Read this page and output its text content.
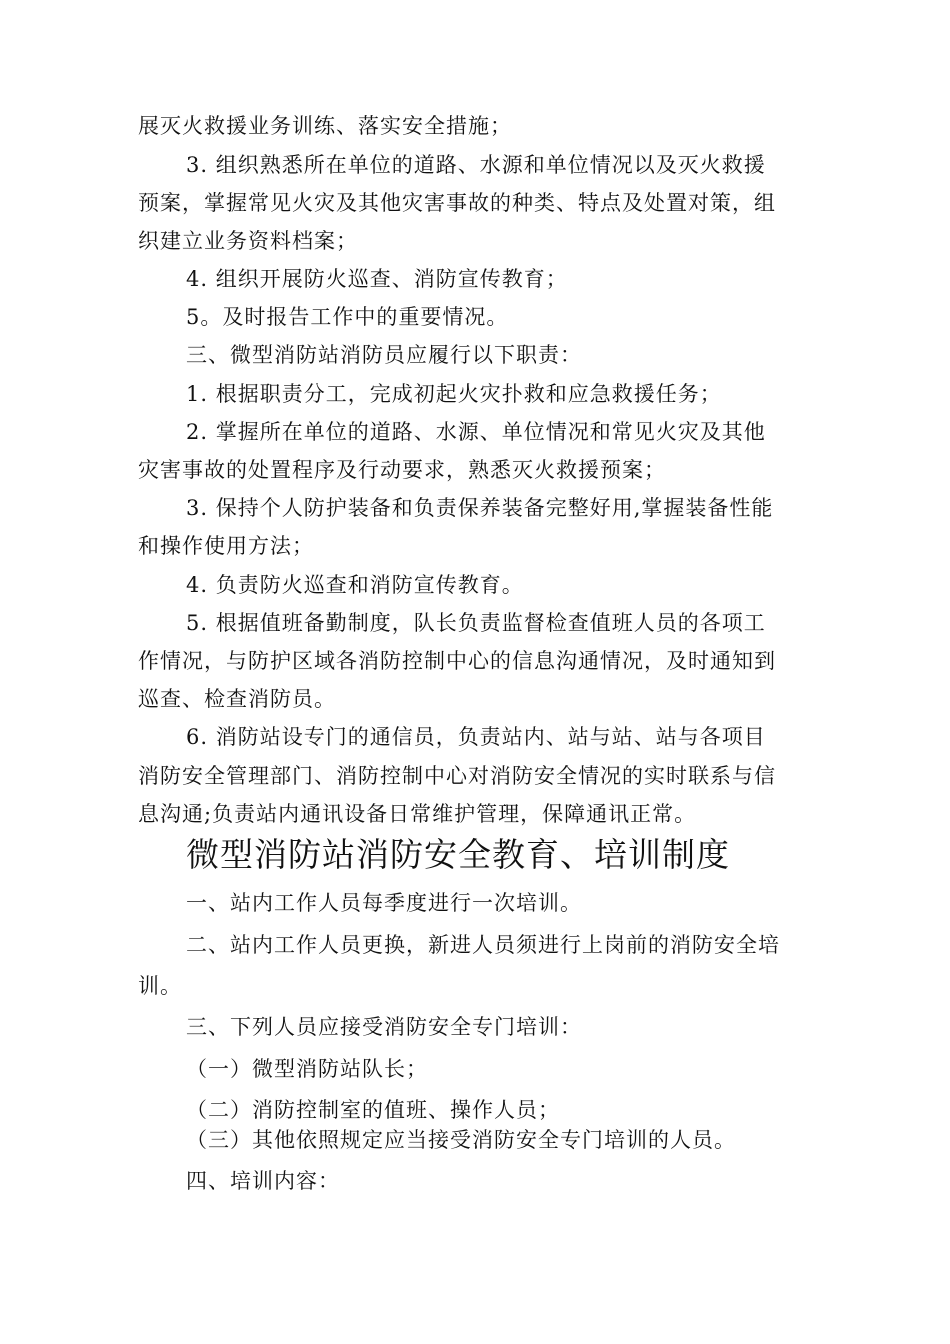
展灭火救援业务训练、落实安全措施；
3. 组织熟悉所在单位的道路、水源和单位情况以及灭火救援
预案，掌握常见火灾及其他灾害事故的种类、特点及处置对策，组
织建立业务资料档案；
4. 组织开展防火巡查、消防宣传教育；
5。及时报告工作中的重要情况。
三、微型消防站消防员应履行以下职责：
1. 根据职责分工，完成初起火灾扑救和应急救援任务；
2. 掌握所在单位的道路、水源、单位情况和常见火灾及其他
灾害事故的处置程序及行动要求，熟悉灭火救援预案；
3. 保持个人防护装备和负责保养装备完整好用,掌握装备性能
和操作使用方法；
4. 负责防火巡查和消防宣传教育。
5. 根据值班备勤制度，队长负责监督检查值班人员的各项工
作情况，与防护区域各消防控制中心的信息沟通情况，及时通知到
巡查、检查消防员。
6. 消防站设专门的通信员，负责站内、站与站、站与各项目
消防安全管理部门、消防控制中心对消防安全情况的实时联系与信
息沟通;负责站内通讯设备日常维护管理，保障通讯正常。
微型消防站消防安全教育、培训制度
一、站内工作人员每季度进行一次培训。
二、站内工作人员更换，新进人员须进行上岗前的消防安全培
训。
三、下列人员应接受消防安全专门培训：
（一）微型消防站队长；
（二）消防控制室的值班、操作人员；
（三）其他依照规定应当接受消防安全专门培训的人员。
四、培训内容：
